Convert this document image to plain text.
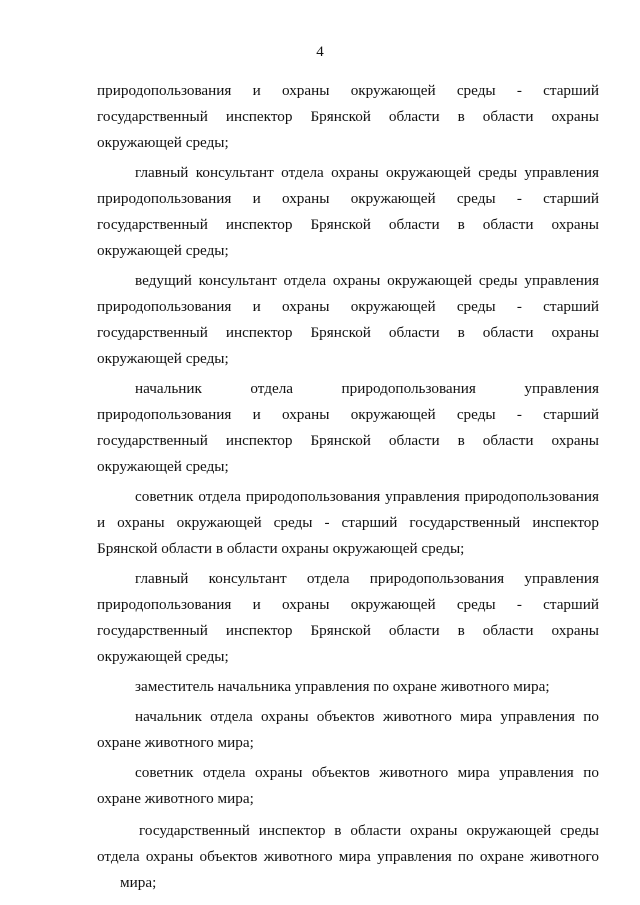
4
природопользования и охраны окружающей среды - старший
государственный инспектор Брянской области в области охраны
окружающей среды;
главный консультант отдела охраны окружающей среды управления
природопользования и охраны окружающей среды - старший
государственный инспектор Брянской области в области охраны
окружающей среды;
ведущий консультант отдела охраны окружающей среды управления
природопользования и охраны окружающей среды - старший
государственный инспектор Брянской области в области охраны
окружающей среды;
начальник	отдела	природопользования	управления
природопользования и охраны окружающей среды - старший
государственный инспектор Брянской области в области охраны
окружающей среды;
советник отдела природопользования управления природопользования
и охраны окружающей среды - старший государственный инспектор
Брянской области в области охраны окружающей среды;
главный консультант отдела природопользования управления
природопользования и охраны окружающей среды - старший
государственный инспектор Брянской области в области охраны
окружающей среды;
заместитель начальника управления по охране животного мира;
начальник отдела охраны объектов животного мира управления по
охране животного мира;
советник отдела охраны объектов животного мира управления по
охране животного мира;
государственный инспектор в области охраны окружающей среды
отдела охраны объектов животного мира управления по охране животного
мира;
